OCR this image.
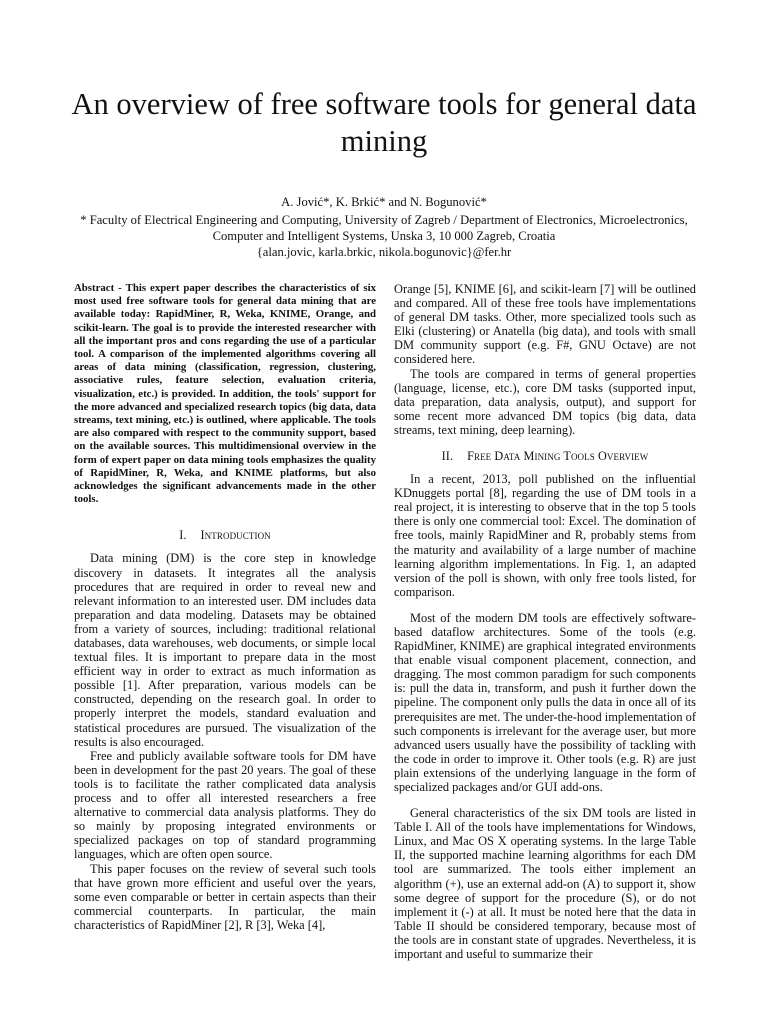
An overview of free software tools for general data mining

A. Jović*, K. Brkić* and N. Bogunović*

* Faculty of Electrical Engineering and Computing, University of Zagreb / Department of Electronics, Microelectronics,
Computer and Intelligent Systems, Unska 3, 10 000 Zagreb, Croatia
{alan.jovic, karla.brkic, nikola.bogunovic}@fer.hr

Abstract - This expert paper describes the characteristics of six most used free software tools for general data mining that are available today: RapidMiner, R, Weka, KNIME, Orange, and scikit-learn. The goal is to provide the interested researcher with all the important pros and cons regarding the use of a particular tool. A comparison of the implemented algorithms covering all areas of data mining (classification, regression, clustering, associative rules, feature selection, evaluation criteria, visualization, etc.) is provided. In addition, the tools' support for the more advanced and specialized research topics (big data, data streams, text mining, etc.) is outlined, where applicable. The tools are also compared with respect to the community support, based on the available sources. This multidimensional overview in the form of expert paper on data mining tools emphasizes the quality of RapidMiner, R, Weka, and KNIME platforms, but also acknowledges the significant advancements made in the other tools.

I. Introduction

Data mining (DM) is the core step in knowledge discovery in datasets. It integrates all the analysis procedures that are required in order to reveal new and relevant information to an interested user. DM includes data preparation and data modeling. Datasets may be obtained from a variety of sources, including: traditional relational databases, data warehouses, web documents, or simple local textual files. It is important to prepare data in the most efficient way in order to extract as much information as possible [1]. After preparation, various models can be constructed, depending on the research goal. In order to properly interpret the models, standard evaluation and statistical procedures are pursued. The visualization of the results is also encouraged.

Free and publicly available software tools for DM have been in development for the past 20 years. The goal of these tools is to facilitate the rather complicated data analysis process and to offer all interested researchers a free alternative to commercial data analysis platforms. They do so mainly by proposing integrated environments or specialized packages on top of standard programming languages, which are often open source.

This paper focuses on the review of several such tools that have grown more efficient and useful over the years, some even comparable or better in certain aspects than their commercial counterparts. In particular, the main characteristics of RapidMiner [2], R [3], Weka [4],

Orange [5], KNIME [6], and scikit-learn [7] will be outlined and compared. All of these free tools have implementations of general DM tasks. Other, more specialized tools such as Elki (clustering) or Anatella (big data), and tools with small DM community support (e.g. F#, GNU Octave) are not considered here.

The tools are compared in terms of general properties (language, license, etc.), core DM tasks (supported input, data preparation, data analysis, output), and support for some recent more advanced DM topics (big data, data streams, text mining, deep learning).

II. Free Data Mining Tools Overview

In a recent, 2013, poll published on the influential KDnuggets portal [8], regarding the use of DM tools in a real project, it is interesting to observe that in the top 5 tools there is only one commercial tool: Excel. The domination of free tools, mainly RapidMiner and R, probably stems from the maturity and availability of a large number of machine learning algorithm implementations. In Fig. 1, an adapted version of the poll is shown, with only free tools listed, for comparison.

Most of the modern DM tools are effectively software-based dataflow architectures. Some of the tools (e.g. RapidMiner, KNIME) are graphical integrated environments that enable visual component placement, connection, and dragging. The most common paradigm for such components is: pull the data in, transform, and push it further down the pipeline. The component only pulls the data in once all of its prerequisites are met. The under-the-hood implementation of such components is irrelevant for the average user, but more advanced users usually have the possibility of tackling with the code in order to improve it. Other tools (e.g. R) are just plain extensions of the underlying language in the form of specialized packages and/or GUI add-ons.

General characteristics of the six DM tools are listed in Table I. All of the tools have implementations for Windows, Linux, and Mac OS X operating systems. In the large Table II, the supported machine learning algorithms for each DM tool are summarized. The tools either implement an algorithm (+), use an external add-on (A) to support it, show some degree of support for the procedure (S), or do not implement it (-) at all. It must be noted here that the data in Table II should be considered temporary, because most of the tools are in constant state of upgrades. Nevertheless, it is important and useful to summarize their
